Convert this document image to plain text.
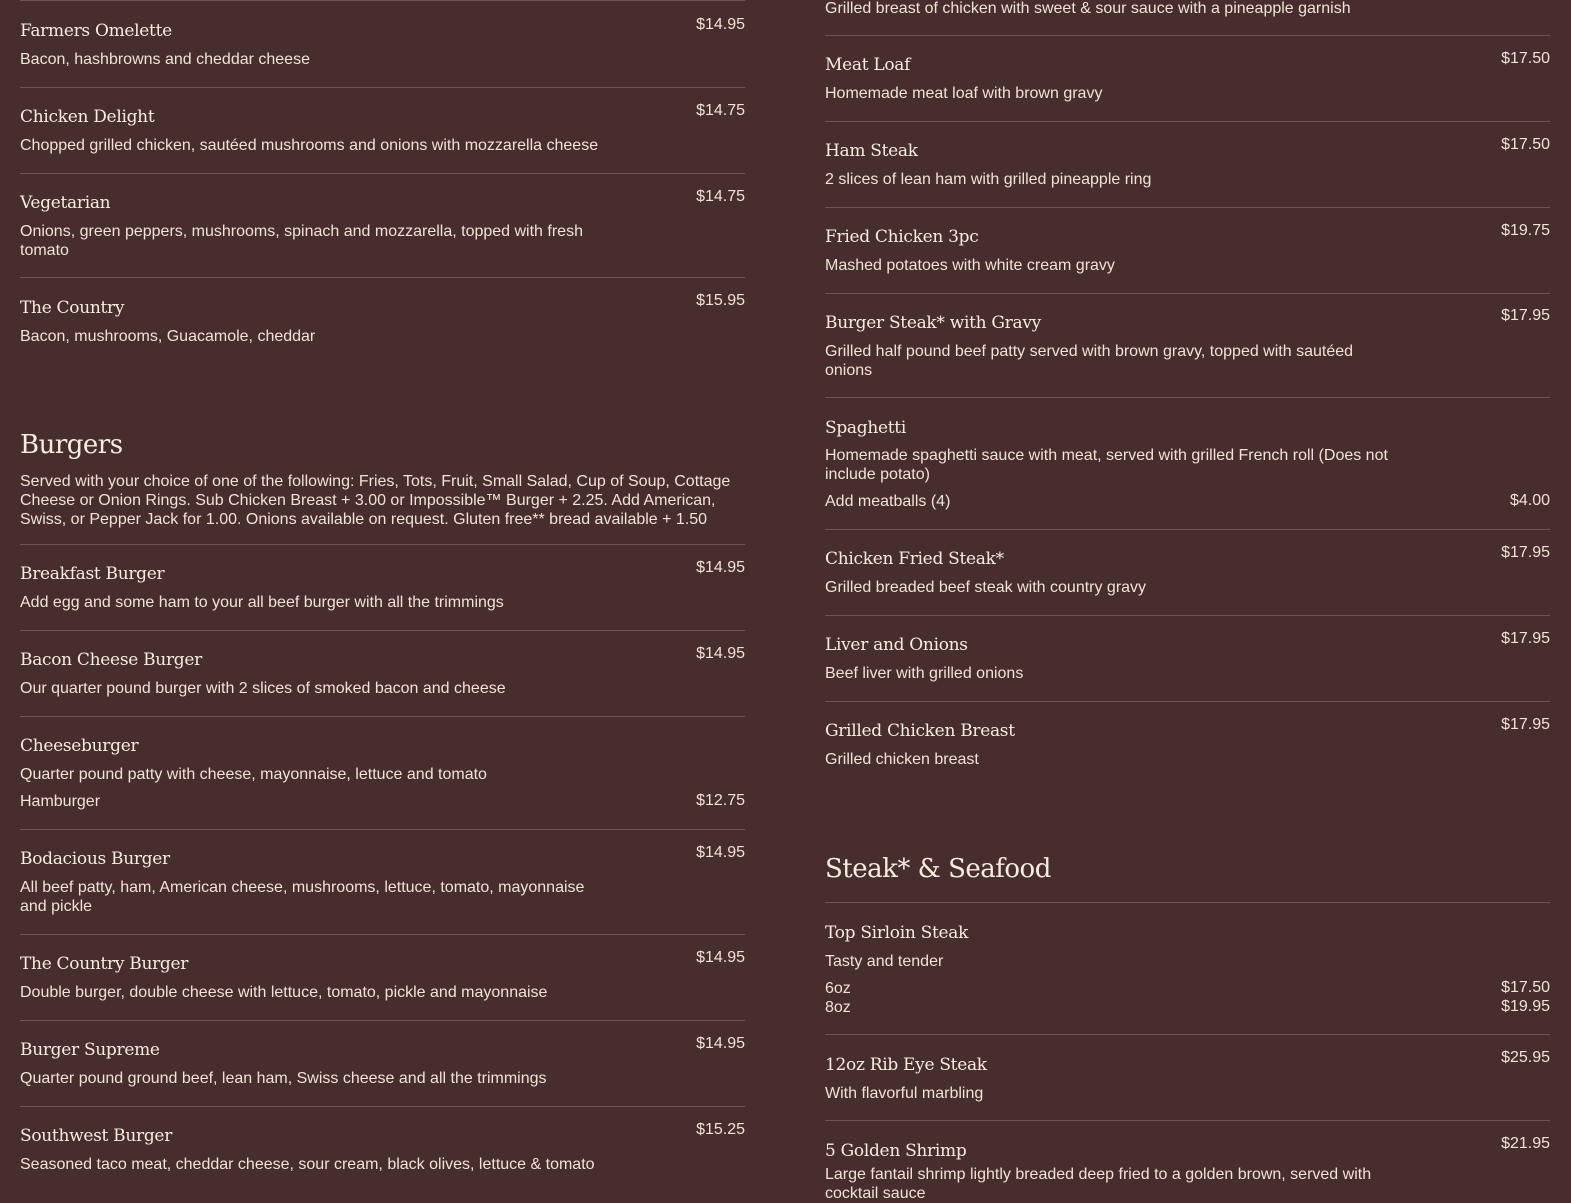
Farmers Omelette	$14.95
Bacon, hashbrowns and cheddar cheese
Chicken Delight	$14.75
Chopped grilled chicken, sautéed mushrooms and onions with mozzarella cheese
Vegetarian	$14.75
Onions, green peppers, mushrooms, spinach and mozzarella, topped with fresh tomato
The Country	$15.95
Bacon, mushrooms, Guacamole, cheddar
Burgers
Served with your choice of one of the following: Fries, Tots, Fruit, Small Salad, Cup of Soup, Cottage Cheese or Onion Rings. Sub Chicken Breast + 3.00 or Impossible™ Burger + 2.25. Add American, Swiss, or Pepper Jack for 1.00. Onions available on request. Gluten free** bread available + 1.50
Breakfast Burger	$14.95
Add egg and some ham to your all beef burger with all the trimmings
Bacon Cheese Burger	$14.95
Our quarter pound burger with 2 slices of smoked bacon and cheese
Cheeseburger
Quarter pound patty with cheese, mayonnaise, lettuce and tomato
Hamburger	$12.75
Bodacious Burger	$14.95
All beef patty, ham, American cheese, mushrooms, lettuce, tomato, mayonnaise and pickle
The Country Burger	$14.95
Double burger, double cheese with lettuce, tomato, pickle and mayonnaise
Burger Supreme	$14.95
Quarter pound ground beef, lean ham, Swiss cheese and all the trimmings
Southwest Burger	$15.25
Seasoned taco meat, cheddar cheese, sour cream, black olives, lettuce & tomato
Grilled breast of chicken with sweet & sour sauce with a pineapple garnish
Meat Loaf	$17.50
Homemade meat loaf with brown gravy
Ham Steak	$17.50
2 slices of lean ham with grilled pineapple ring
Fried Chicken 3pc	$19.75
Mashed potatoes with white cream gravy
Burger Steak* with Gravy	$17.95
Grilled half pound beef patty served with brown gravy, topped with sautéed onions
Spaghetti
Homemade spaghetti sauce with meat, served with grilled French roll (Does not include potato)
Add meatballs (4)	$4.00
Chicken Fried Steak*	$17.95
Grilled breaded beef steak with country gravy
Liver and Onions	$17.95
Beef liver with grilled onions
Grilled Chicken Breast	$17.95
Grilled chicken breast
Steak* & Seafood
Top Sirloin Steak
Tasty and tender
6oz	$17.50
8oz	$19.95
12oz Rib Eye Steak	$25.95
With flavorful marbling
5 Golden Shrimp	$21.95
Large fantail shrimp lightly breaded deep fried to a golden brown, served with cocktail sauce
